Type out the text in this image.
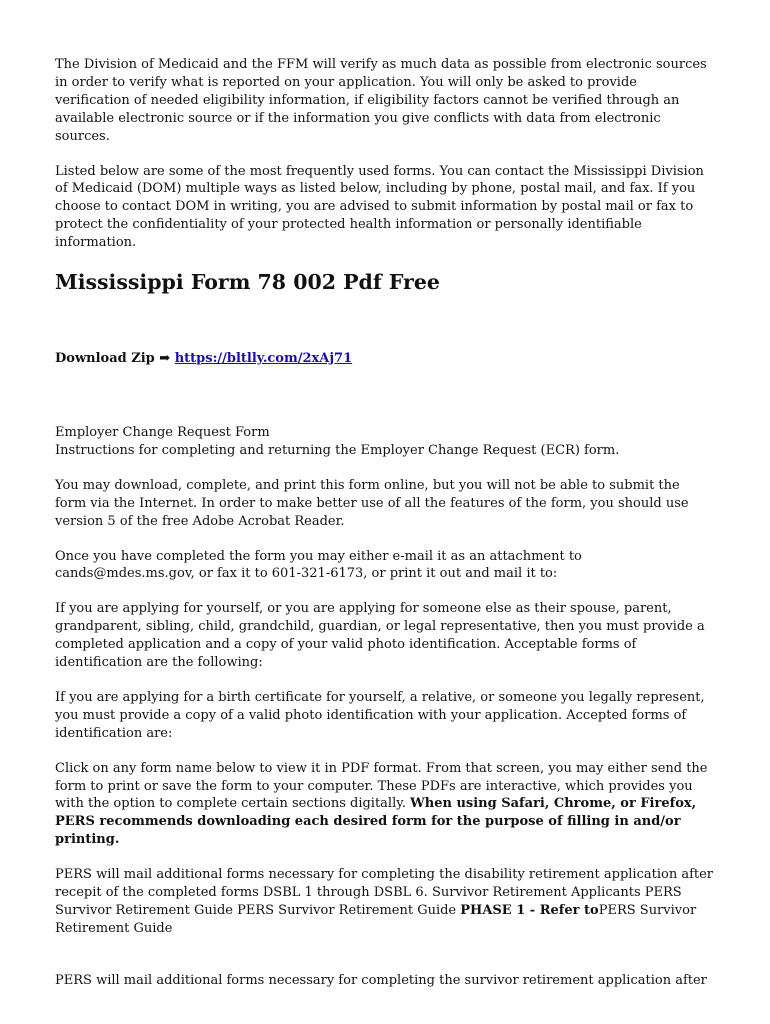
The Division of Medicaid and the FFM will verify as much data as possible from electronic sources in order to verify what is reported on your application. You will only be asked to provide verification of needed eligibility information, if eligibility factors cannot be verified through an available electronic source or if the information you give conflicts with data from electronic sources.

Listed below are some of the most frequently used forms. You can contact the Mississippi Division of Medicaid (DOM) multiple ways as listed below, including by phone, postal mail, and fax. If you choose to contact DOM in writing, you are advised to submit information by postal mail or fax to protect the confidentiality of your protected health information or personally identifiable information.

Mississippi Form 78 002 Pdf Free
Download Zip ➡ https://bltlly.com/2xAj71

Employer Change Request Form

Instructions for completing and returning the Employer Change Request (ECR) form.

You may download, complete, and print this form online, but you will not be able to submit the form via the Internet. In order to make better use of all the features of the form, you should use version 5 of the free Adobe Acrobat Reader.

Once you have completed the form you may either e-mail it as an attachment to cands@mdes.ms.gov, or fax it to 601-321-6173, or print it out and mail it to:

If you are applying for yourself, or you are applying for someone else as their spouse, parent, grandparent, sibling, child, grandchild, guardian, or legal representative, then you must provide a completed application and a copy of your valid photo identification. Acceptable forms of identification are the following:

If you are applying for a birth certificate for yourself, a relative, or someone you legally represent, you must provide a copy of a valid photo identification with your application. Accepted forms of identification are:

Click on any form name below to view it in PDF format. From that screen, you may either send the form to print or save the form to your computer. These PDFs are interactive, which provides you with the option to complete certain sections digitally. When using Safari, Chrome, or Firefox, PERS recommends downloading each desired form for the purpose of filling in and/or printing.

PERS will mail additional forms necessary for completing the disability retirement application after recepit of the completed forms DSBL 1 through DSBL 6. Survivor Retirement Applicants PERS Survivor Retirement Guide PERS Survivor Retirement Guide PHASE 1 - Refer toPERS Survivor Retirement Guide

PERS will mail additional forms necessary for completing the survivor retirement application after
